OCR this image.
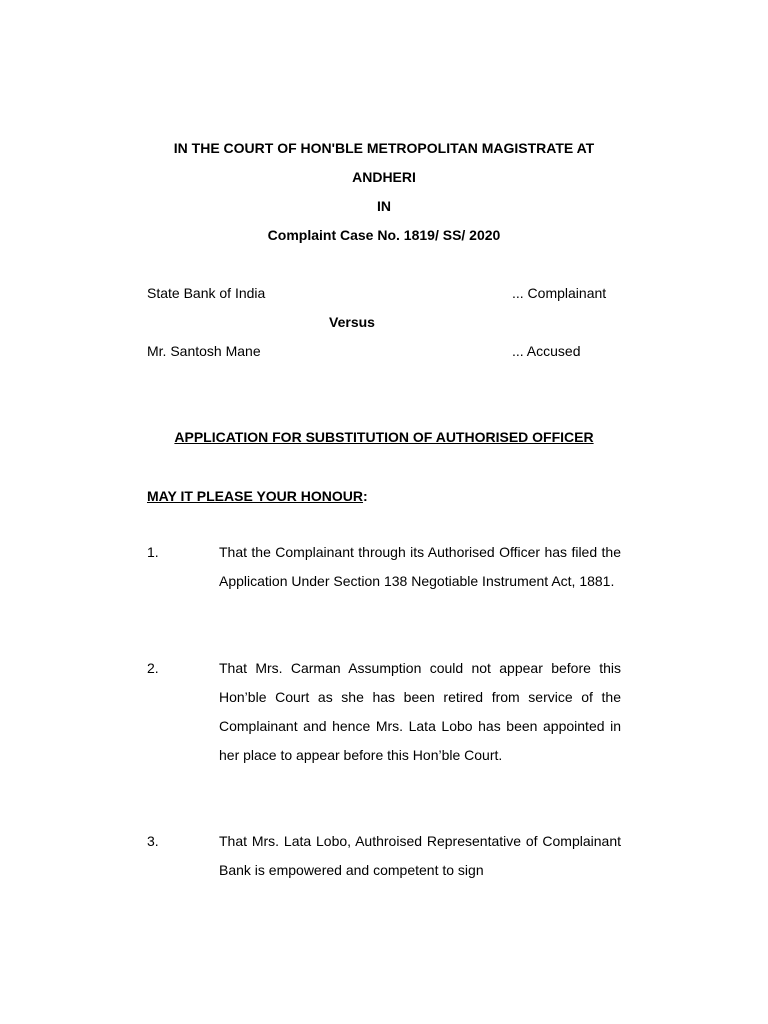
IN THE COURT OF HON'BLE METROPOLITAN MAGISTRATE AT
ANDHERI
IN
Complaint Case No. 1819/ SS/ 2020
State Bank of India	... Complainant
Versus
Mr. Santosh Mane	... Accused
APPLICATION FOR SUBSTITUTION OF AUTHORISED OFFICER
MAY IT PLEASE YOUR HONOUR:
1.	That the Complainant through its Authorised Officer has filed the Application Under Section 138 Negotiable Instrument Act, 1881.
2.	That Mrs. Carman Assumption could not appear before this Hon’ble Court as she has been retired from service of the Complainant and hence Mrs. Lata Lobo has been appointed in her place to appear before this Hon’ble Court.
3.	That Mrs. Lata Lobo, Authroised Representative of Complainant Bank is empowered and competent to sign
